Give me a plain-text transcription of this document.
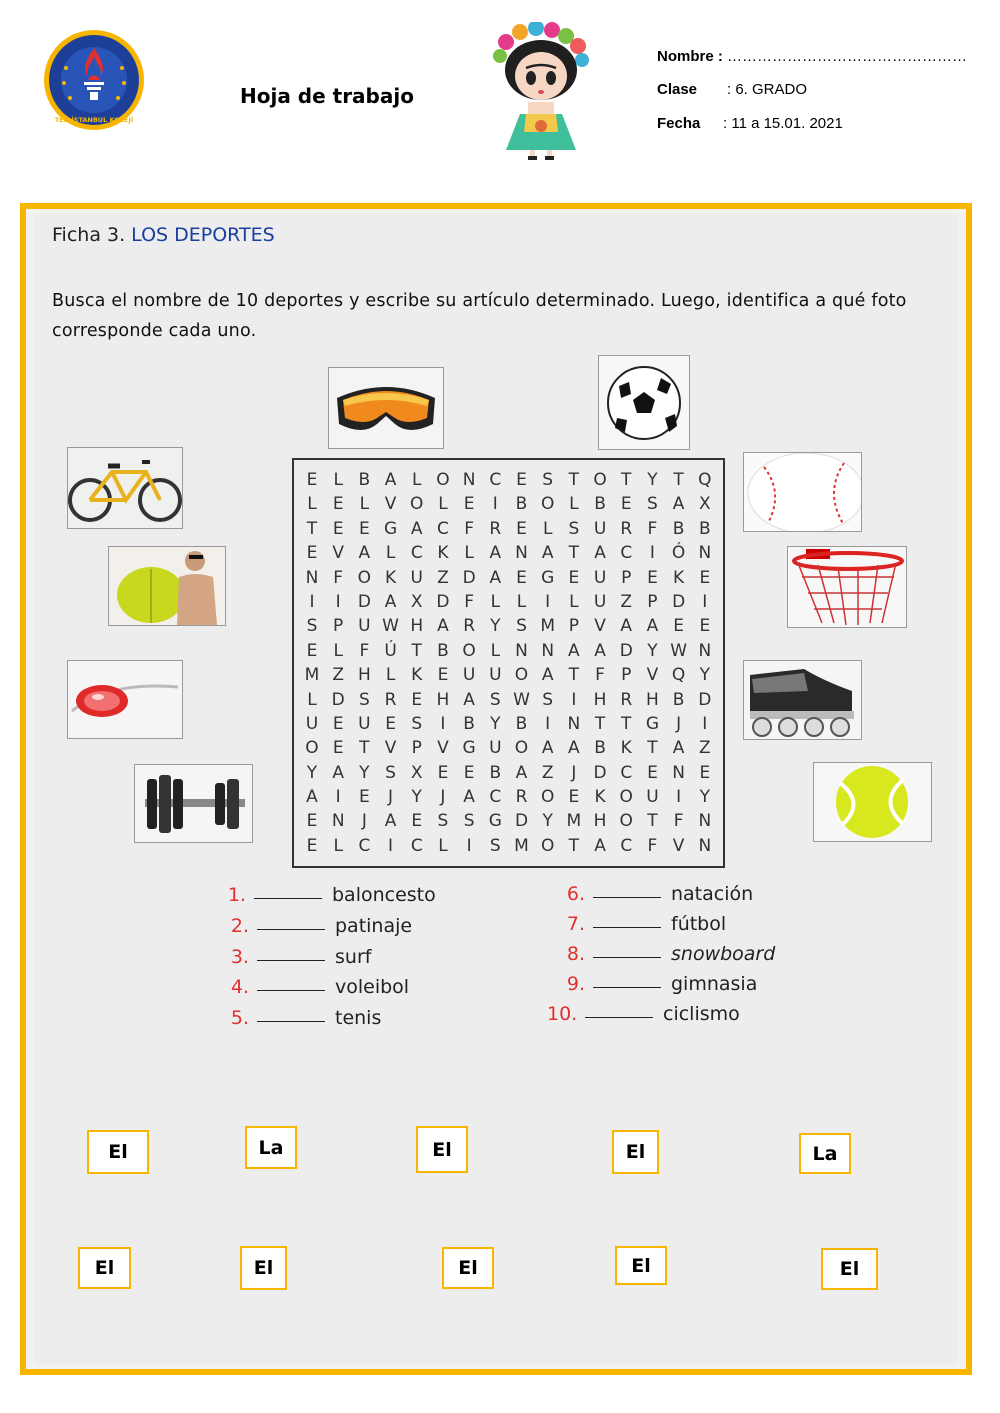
TED İSTANBUL KOLEJİ
Hoja de trabajo
Nombre : …………………………………………
Clase : 6. GRADO
Fecha : 11 a 15.01. 2021
Ficha 3. LOS DEPORTES
Busca el nombre de 10 deportes y escribe su artículo determinado. Luego, identifica a qué foto corresponde cada uno.
E L B A L O N C E S T O T Y T Q
L E L V O L E	I	B O L B E S A X
T E E G A C F R E L S U R F B B
E V A L C K L A N A T A C	I Ó N
N F O K U Z D A E G E U P E K E
I	I	D A X D F L L	I	L U Z P D	I
S P U W H A R Y S M P V A A E E
E L F Ú T B O L N N A A D Y W N
M Z H L K E U U O A T F P V Q Y
L D S R E H A S W S	I	H R H B D
U E U E S	I	B Y B	I	N T T G	J	I
O E T V P V G U O A A B K T A Z
Y A Y S X E E B A Z	J	D C E N E
A	I	E	J	Y	J	A C R O E K O U	I	Y
E N	J	A E S S G D Y M H O T F N
E L C	I	C L	I	S M O T A C F V N
1.	baloncesto
2.	patinaje
3.	surf
4.	voleibol
5.	tenis
6.	natación
7.	fútbol
8.	snowboard
9.	gimnasia
10.	ciclismo
El	La	El	El	La
El	El	El	El	El
